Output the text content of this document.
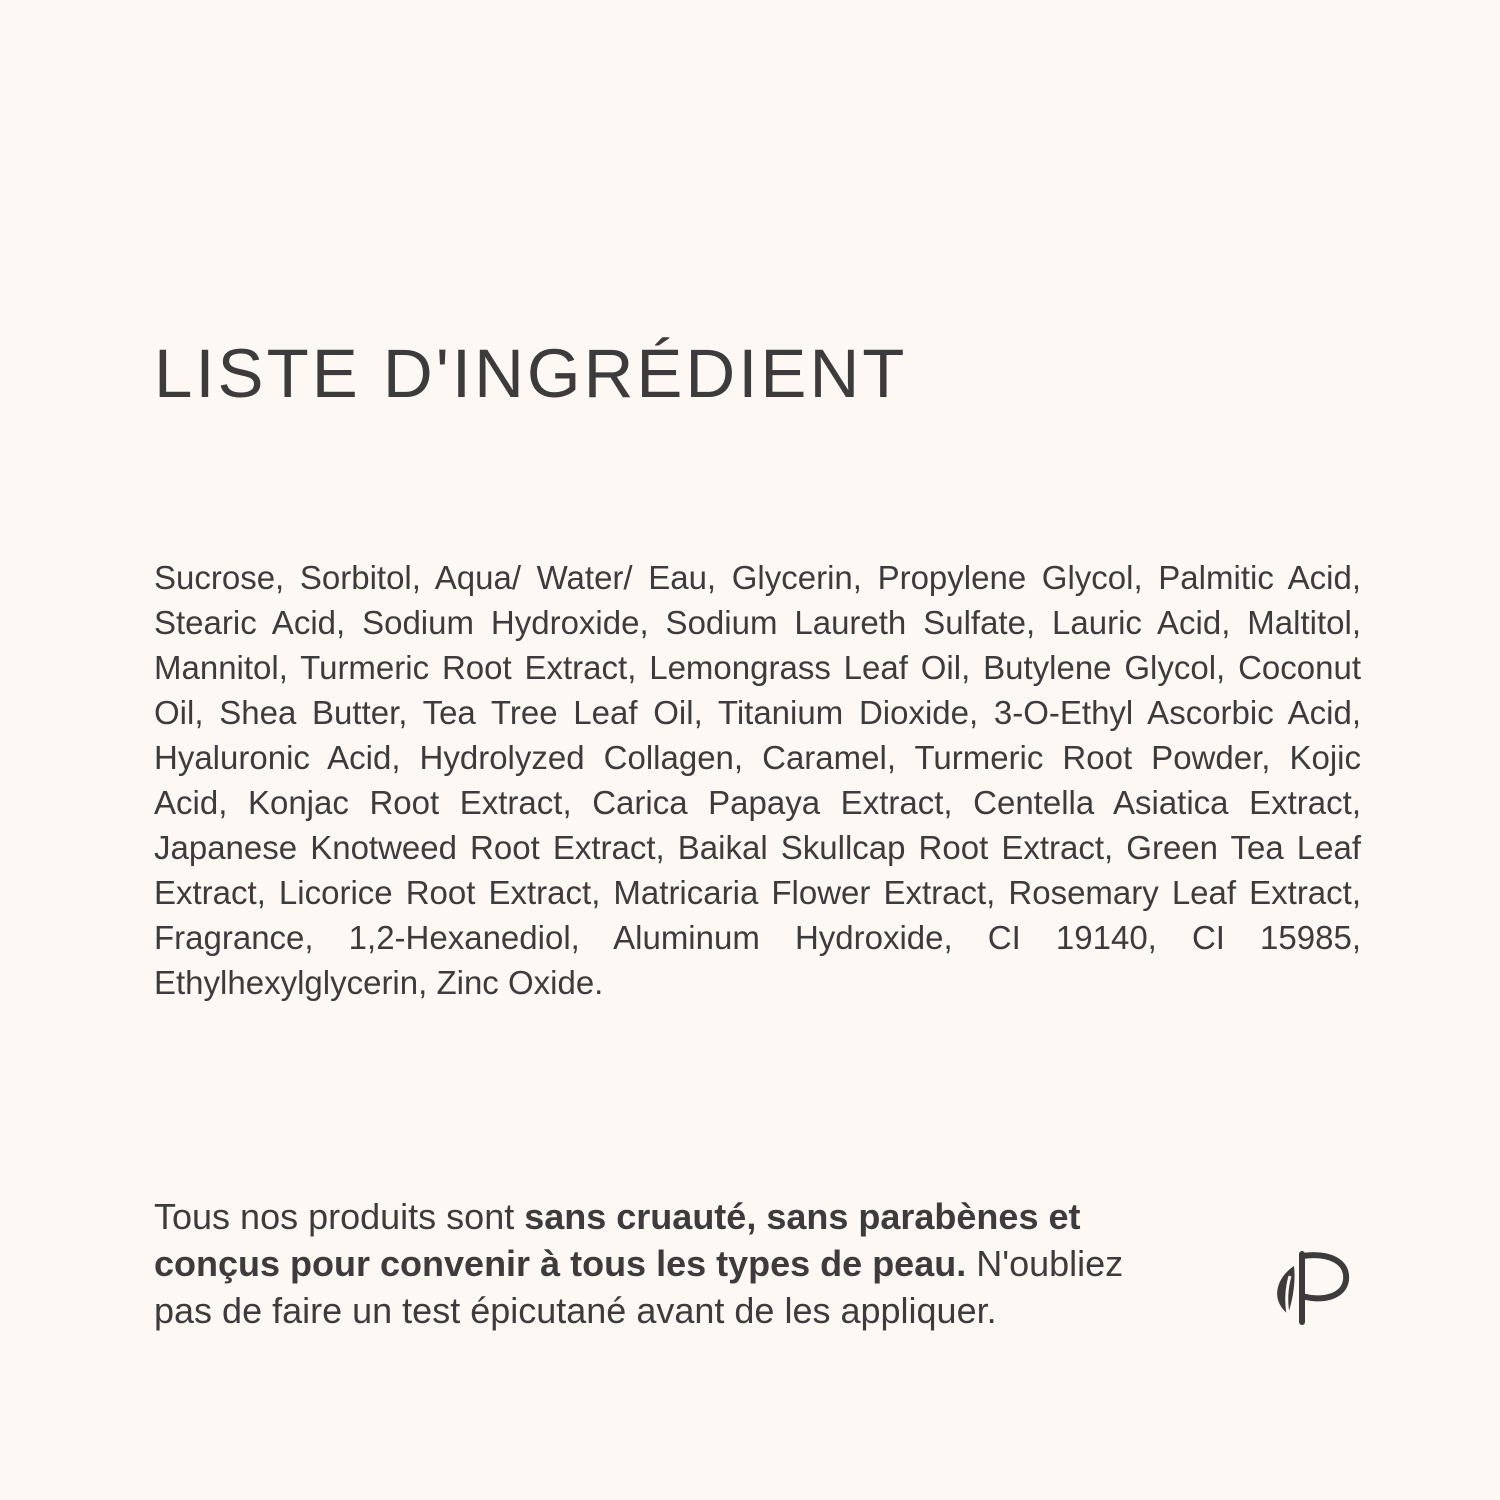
LISTE D'INGRÉDIENT

Sucrose, Sorbitol, Aqua/ Water/ Eau, Glycerin, Propylene Glycol, Palmitic Acid, Stearic Acid, Sodium Hydroxide, Sodium Laureth Sulfate, Lauric Acid, Maltitol, Mannitol, Turmeric Root Extract, Lemongrass Leaf Oil, Butylene Glycol, Coconut Oil, Shea Butter, Tea Tree Leaf Oil, Titanium Dioxide, 3-O-Ethyl Ascorbic Acid, Hyaluronic Acid, Hydrolyzed Collagen, Caramel, Turmeric Root Powder, Kojic Acid, Konjac Root Extract, Carica Papaya Extract, Centella Asiatica Extract, Japanese Knotweed Root Extract, Baikal Skullcap Root Extract, Green Tea Leaf Extract, Licorice Root Extract, Matricaria Flower Extract, Rosemary Leaf Extract, Fragrance, 1,2-Hexanediol, Aluminum Hydroxide, CI 19140, CI 15985, Ethylhexylglycerin, Zinc Oxide.

Tous nos produits sont sans cruauté, sans parabènes et conçus pour convenir à tous les types de peau. N'oubliez pas de faire un test épicutané avant de les appliquer.
